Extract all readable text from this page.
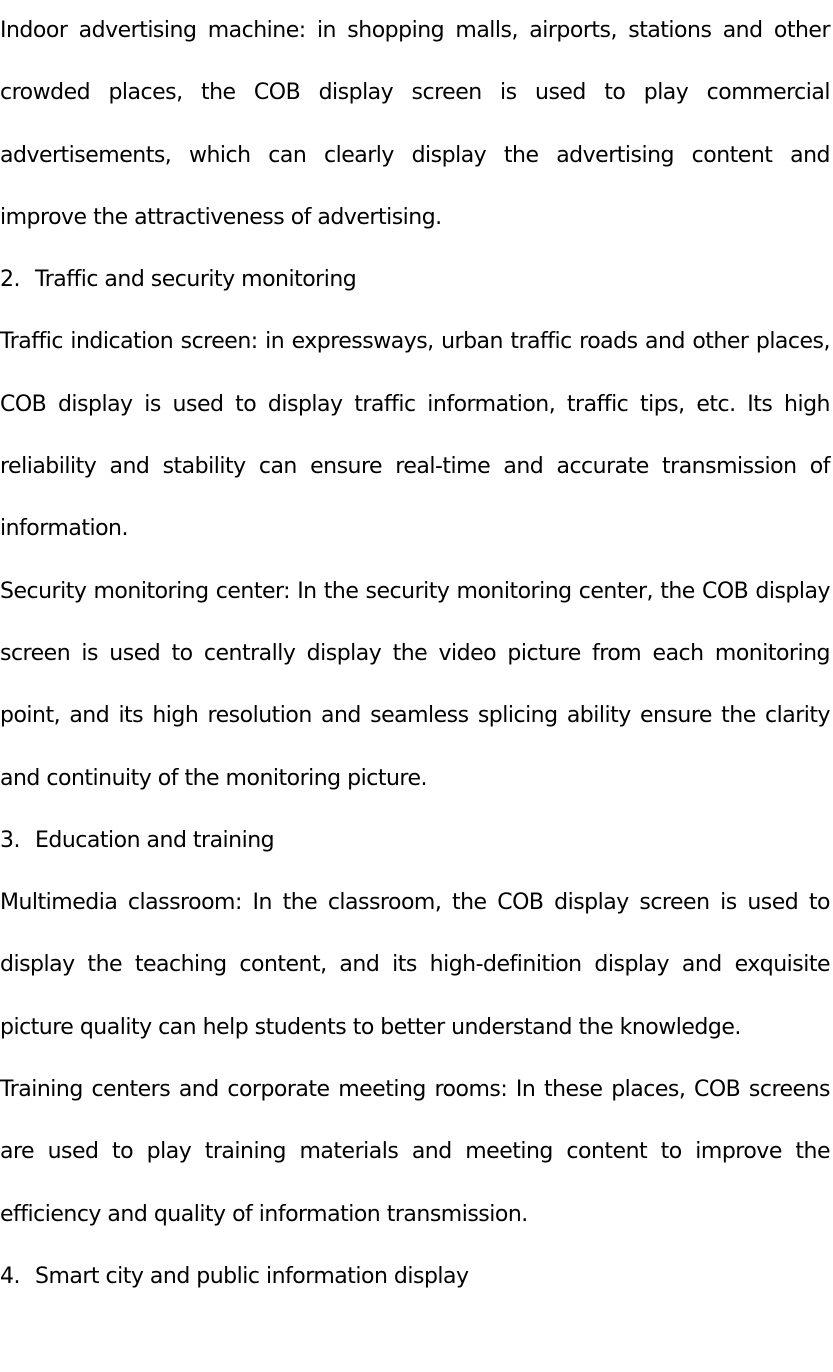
Indoor advertising machine: in shopping malls, airports, stations and other crowded places, the COB display screen is used to play commercial advertisements, which can clearly display the advertising content and improve the attractiveness of advertising.

2. Traffic and security monitoring

Traffic indication screen: in expressways, urban traffic roads and other places, COB display is used to display traffic information, traffic tips, etc. Its high reliability and stability can ensure real-time and accurate transmission of information.

Security monitoring center: In the security monitoring center, the COB display screen is used to centrally display the video picture from each monitoring point, and its high resolution and seamless splicing ability ensure the clarity and continuity of the monitoring picture.

3. Education and training

Multimedia classroom: In the classroom, the COB display screen is used to display the teaching content, and its high-definition display and exquisite picture quality can help students to better understand the knowledge.

Training centers and corporate meeting rooms: In these places, COB screens are used to play training materials and meeting content to improve the efficiency and quality of information transmission.

4. Smart city and public information display
